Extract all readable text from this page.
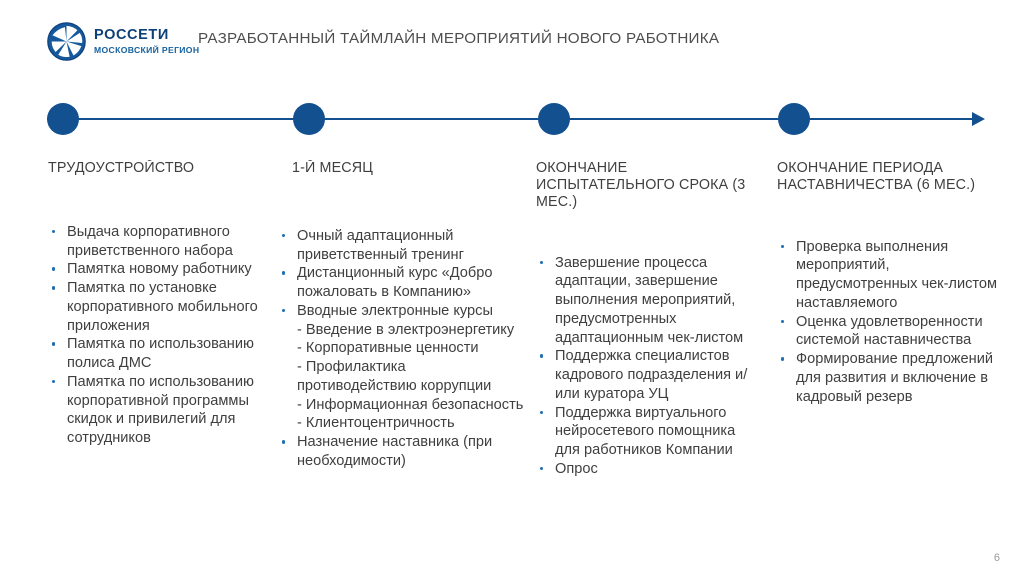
РОССЕТИ
МОСКОВСКИЙ РЕГИОН
РАЗРАБОТАННЫЙ ТАЙМЛАЙН МЕРОПРИЯТИЙ НОВОГО РАБОТНИКА
ТРУДОУСТРОЙСТВО
Выдача корпоративного приветственного набора
Памятка новому работнику
Памятка по установке корпоративного мобильного приложения
Памятка по использованию полиса ДМС
Памятка по использованию корпоративной программы скидок и привилегий для сотрудников
1-Й МЕСЯЦ
Очный адаптационный приветственный тренинг
Дистанционный курс «Добро пожаловать в Компанию»
Вводные электронные курсы
- Введение в электроэнергетику
- Корпоративные ценности
- Профилактика противодействию коррупции
- Информационная безопасность
- Клиентоцентричность
Назначение наставника (при необходимости)
ОКОНЧАНИЕ ИСПЫТАТЕЛЬНОГО СРОКА (3 МЕС.)
Завершение процесса адаптации, завершение выполнения мероприятий, предусмотренных адаптационным чек-листом
Поддержка специалистов кадрового подразделения и/или куратора УЦ
Поддержка виртуального нейросетевого помощника для работников Компании
Опрос
ОКОНЧАНИЕ ПЕРИОДА НАСТАВНИЧЕСТВА (6 МЕС.)
Проверка выполнения мероприятий, предусмотренных чек-листом наставляемого
Оценка удовлетворенности системой наставничества
Формирование предложений для развития и включение в кадровый резерв
6
